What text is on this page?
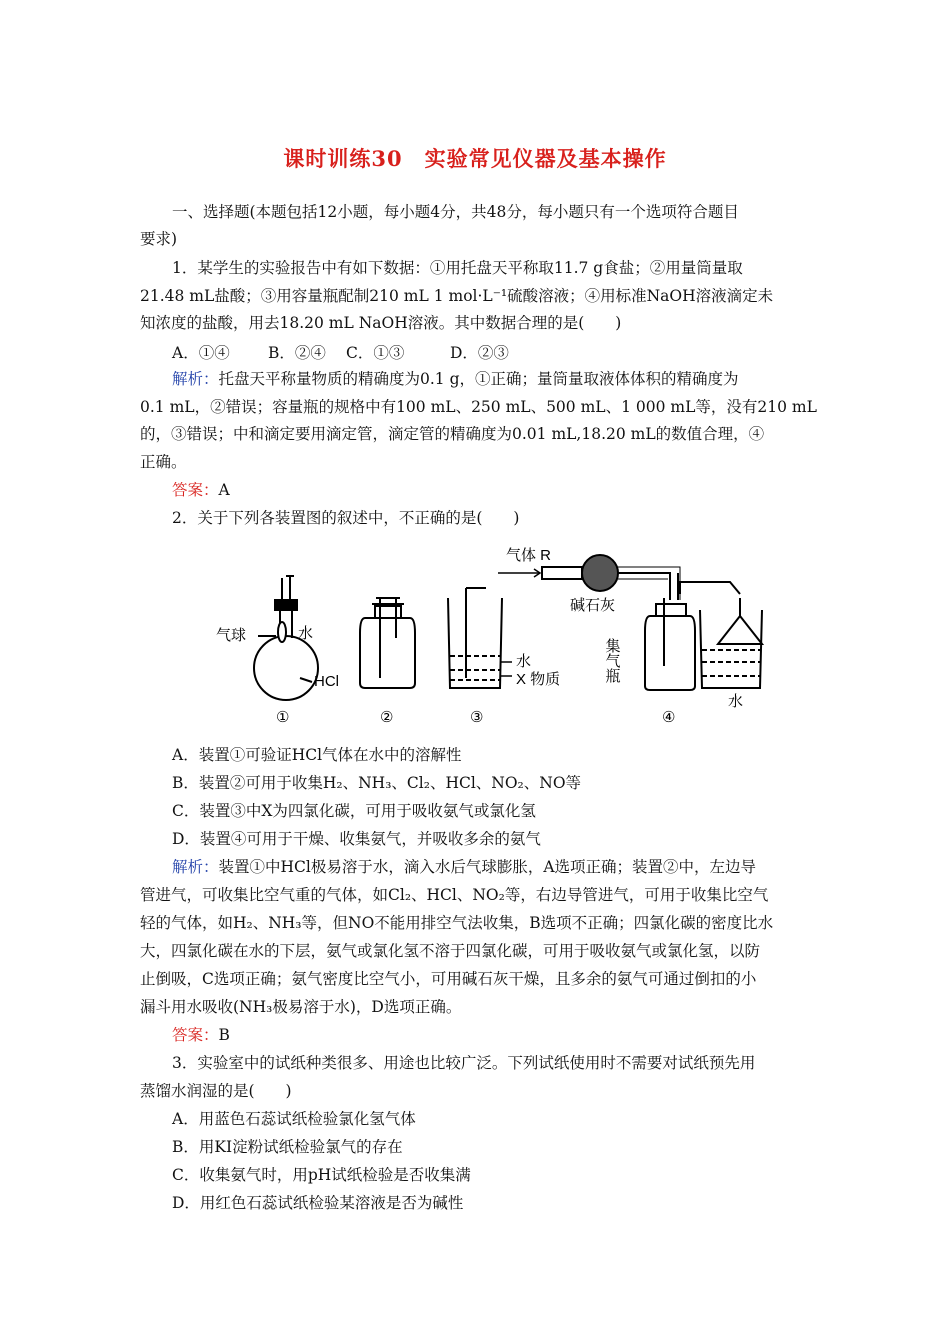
课时训练30　实验常见仪器及基本操作
一、选择题(本题包括12小题，每小题4分，共48分，每小题只有一个选项符合题目
要求)
1．某学生的实验报告中有如下数据：①用托盘天平称取11.7 g食盐；②用量筒量取
21.48 mL盐酸；③用容量瓶配制210 mL 1 mol·L⁻¹硫酸溶液；④用标准NaOH溶液滴定未
知浓度的盐酸，用去18.20 mL NaOH溶液。其中数据合理的是(　　)
A．①④ B．②④ C．①③	D．②③
解析：托盘天平称量物质的精确度为0.1 g，①正确；量筒量取液体体积的精确度为
0.1 mL，②错误；容量瓶的规格中有100 mL、250 mL、500 mL、1 000 mL等，没有210 mL
的，③错误；中和滴定要用滴定管，滴定管的精确度为0.01 mL,18.20 mL的数值合理，④
正确。
答案：A
2．关于下列各装置图的叙述中，不正确的是(　　)
气球	水
HCl
水
X 物质
气体 R
碱石灰
集气瓶
水
①	②	③	④
A．装置①可验证HCl气体在水中的溶解性
B．装置②可用于收集H₂、NH₃、Cl₂、HCl、NO₂、NO等
C．装置③中X为四氯化碳，可用于吸收氨气或氯化氢
D．装置④可用于干燥、收集氨气，并吸收多余的氨气
解析：装置①中HCl极易溶于水，滴入水后气球膨胀，A选项正确；装置②中，左边导
管进气，可收集比空气重的气体，如Cl₂、HCl、NO₂等，右边导管进气，可用于收集比空气
轻的气体，如H₂、NH₃等，但NO不能用排空气法收集，B选项不正确；四氯化碳的密度比水
大，四氯化碳在水的下层，氨气或氯化氢不溶于四氯化碳，可用于吸收氨气或氯化氢，以防
止倒吸，C选项正确；氨气密度比空气小，可用碱石灰干燥，且多余的氨气可通过倒扣的小
漏斗用水吸收(NH₃极易溶于水)，D选项正确。
答案：B
3．实验室中的试纸种类很多、用途也比较广泛。下列试纸使用时不需要对试纸预先用
蒸馏水润湿的是(　　)
A．用蓝色石蕊试纸检验氯化氢气体
B．用KI淀粉试纸检验氯气的存在
C．收集氨气时，用pH试纸检验是否收集满
D．用红色石蕊试纸检验某溶液是否为碱性
